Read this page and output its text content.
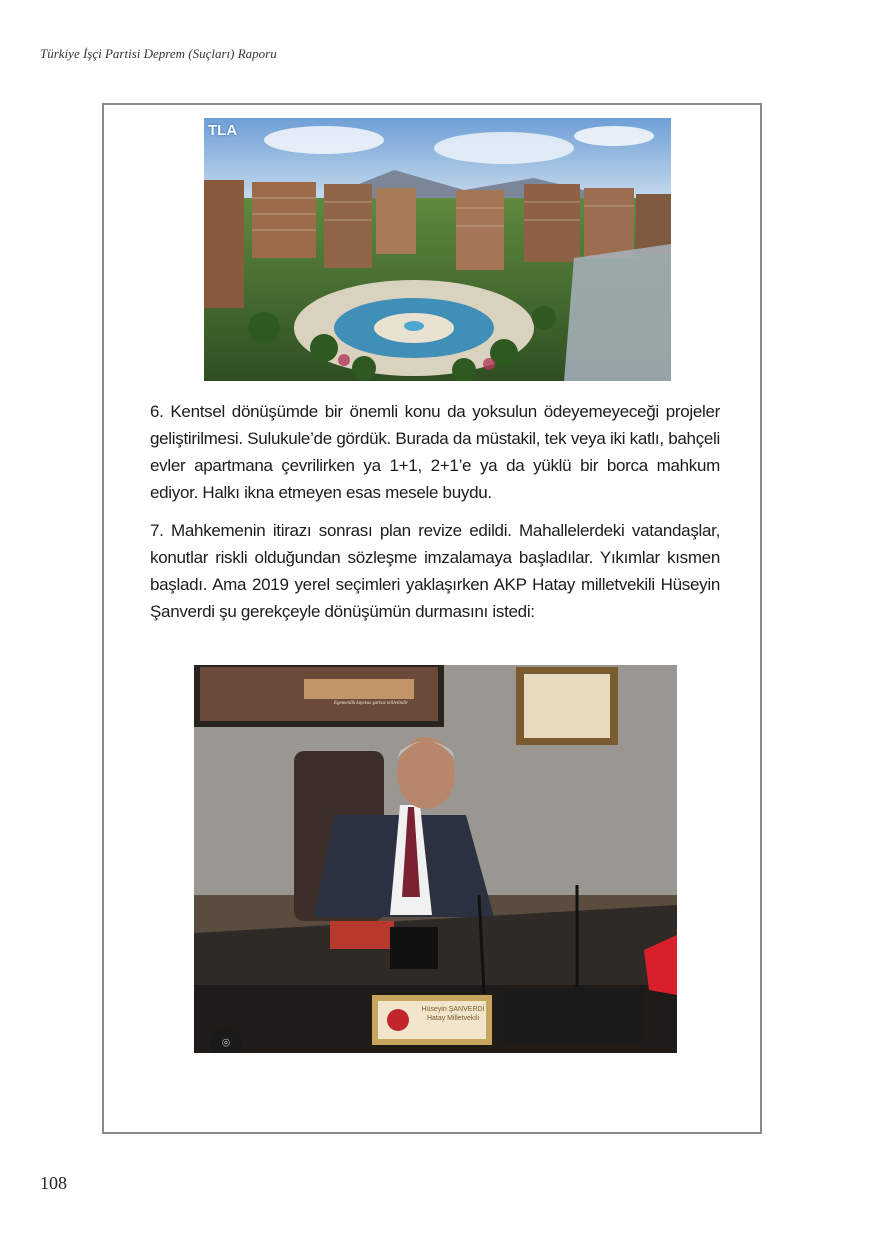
Türkiye İşçi Partisi Deprem (Suçları) Raporu
TLA

6. Kentsel dönüşümde bir önemli konu da yoksulun ödeyemeyeceği projeler geliştirilmesi. Sulukule’de gördük. Burada da müstakil, tek veya iki katlı, bahçeli evler apartmana çevrilirken ya 1+1, 2+1’e ya da yüklü bir borca mahkum ediyor. Halkı ikna etmeyen esas mesele buydu.

7. Mahkemenin itirazı sonrası plan revize edildi. Mahallelerdeki vatandaşlar, konutlar riskli olduğundan sözleşme imzalamaya başladılar. Yıkımlar kısmen başladı. Ama 2019 yerel seçimleri yaklaşırken AKP Hatay milletvekili Hüseyin Şanverdi şu gerekçeyle dönüşümün durmasını istedi:

Egemenlik kayıtsız şartsız milletindir
Hüseyin ŞANVERDİ
Hatay Milletvekili
⌾
108
